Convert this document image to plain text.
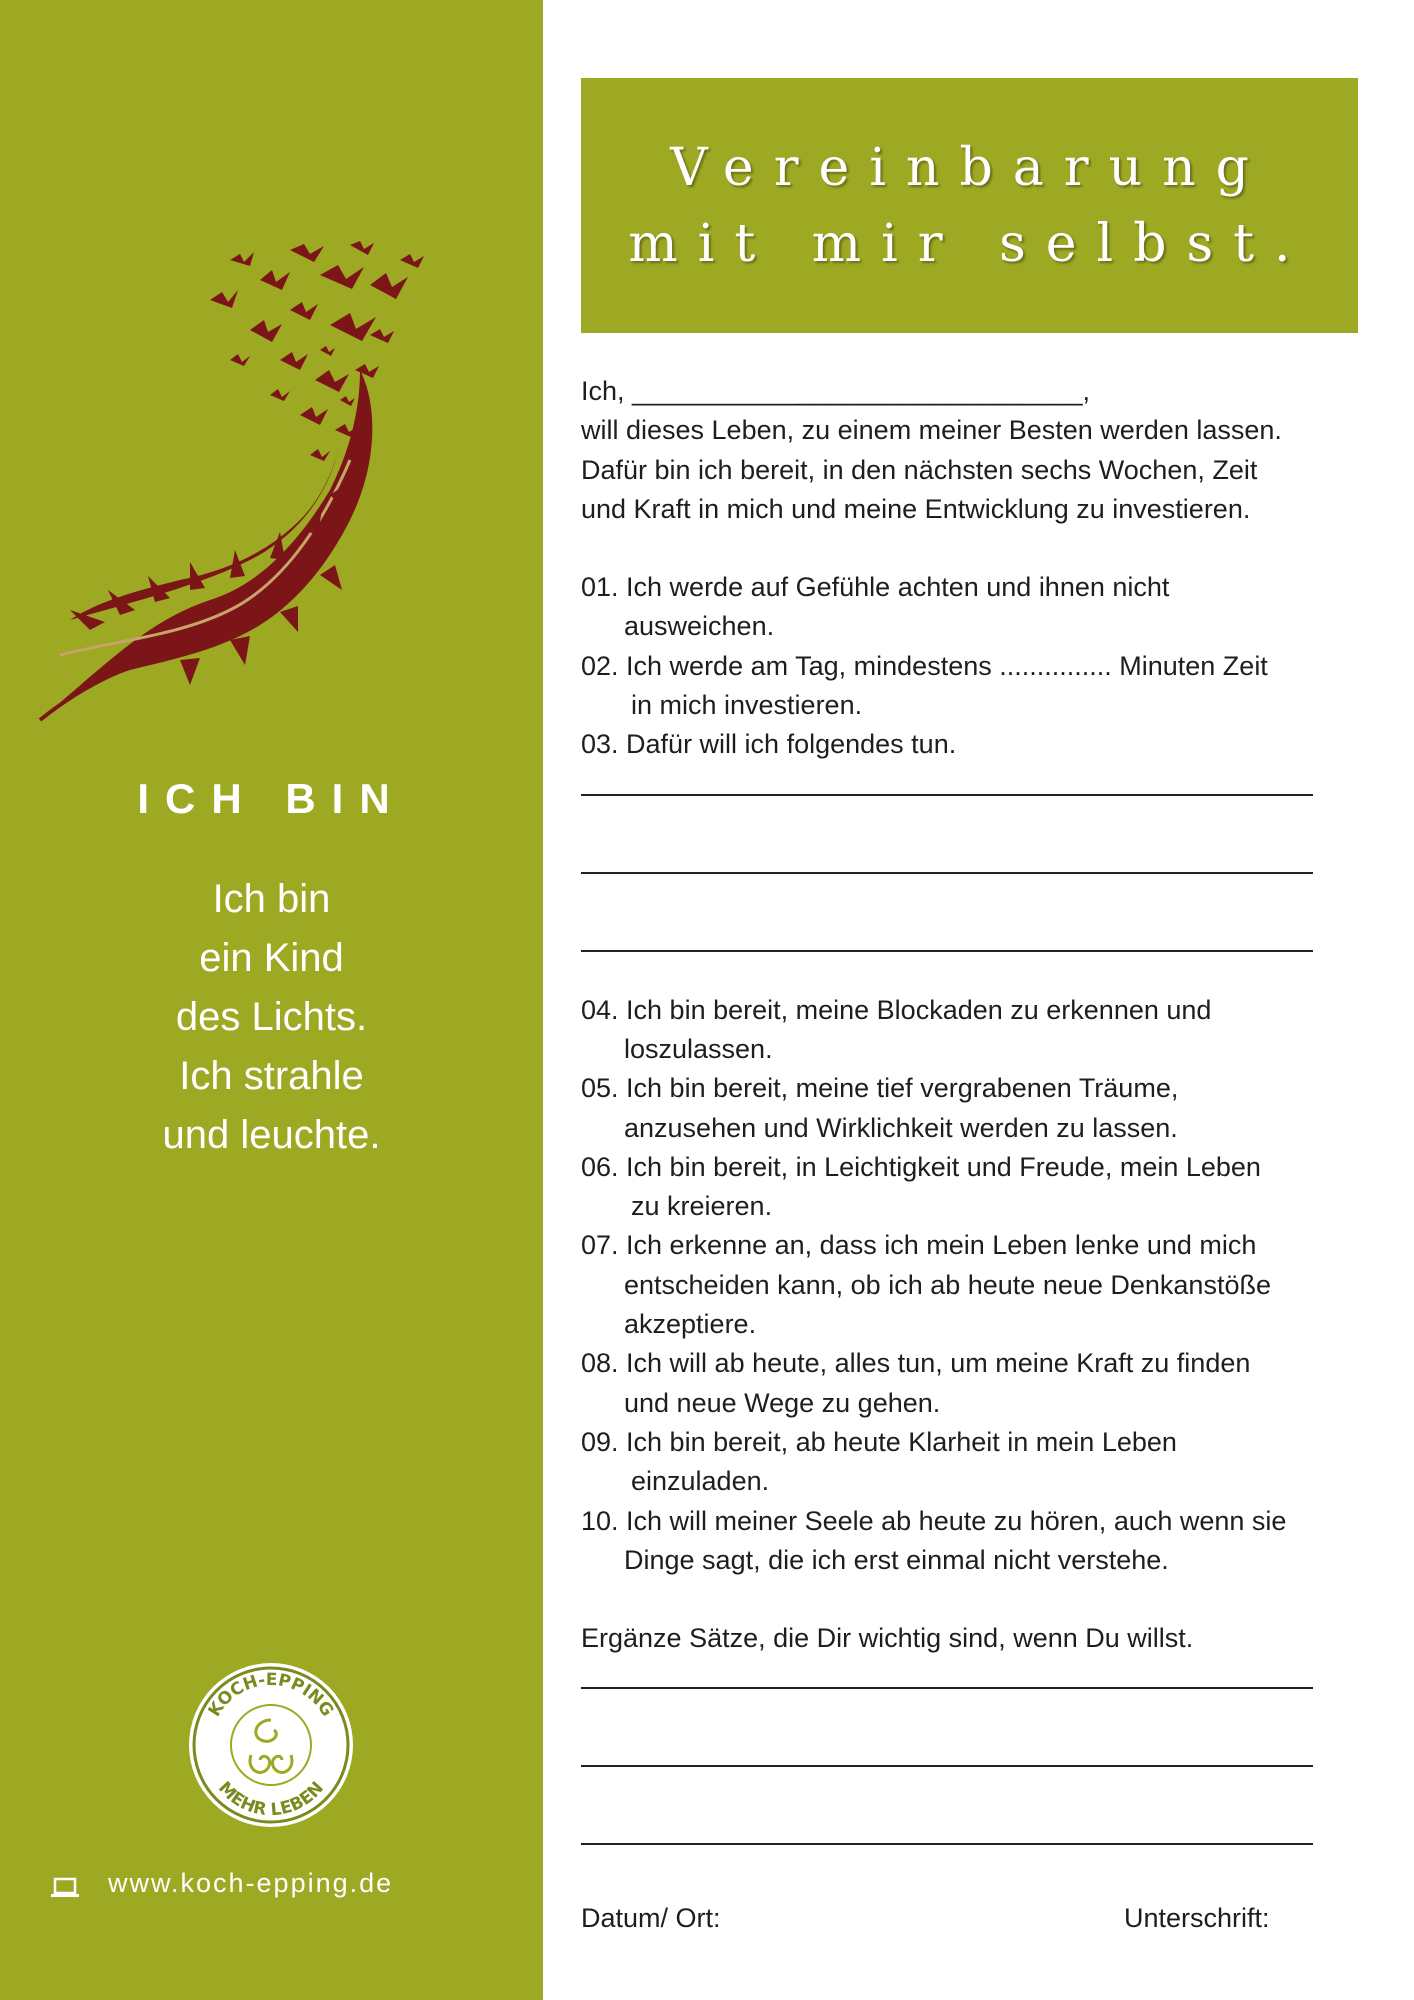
ICH BIN
Ich bin
ein Kind
des Lichts.
Ich strahle
und leuchte.
KOCH-EPPING
MEHR LEBEN
www.koch-epping.de
Vereinbarung
mit mir selbst.
Ich, ______________________________,
will dieses Leben, zu einem meiner Besten werden lassen.
Dafür bin ich bereit, in den nächsten sechs Wochen, Zeit
und Kraft in mich und meine Entwicklung zu investieren.
01. Ich werde auf Gefühle achten und ihnen nicht
ausweichen.
02. Ich werde am Tag, mindestens ............... Minuten Zeit
in mich investieren.
03. Dafür will ich folgendes tun.
04. Ich bin bereit, meine Blockaden zu erkennen und
loszulassen.
05. Ich bin bereit, meine tief vergrabenen Träume,
anzusehen und Wirklichkeit werden zu lassen.
06. Ich bin bereit, in Leichtigkeit und Freude, mein Leben
zu kreieren.
07. Ich erkenne an, dass ich mein Leben lenke und mich
entscheiden kann, ob ich ab heute neue Denkanstöße
akzeptiere.
08. Ich will ab heute, alles tun, um meine Kraft zu finden
und neue Wege zu gehen.
09. Ich bin bereit, ab heute Klarheit in mein Leben
einzuladen.
10. Ich will meiner Seele ab heute zu hören, auch wenn sie
Dinge sagt, die ich erst einmal nicht verstehe.
Ergänze Sätze, die Dir wichtig sind, wenn Du willst.
Datum/ Ort:	Unterschrift:
